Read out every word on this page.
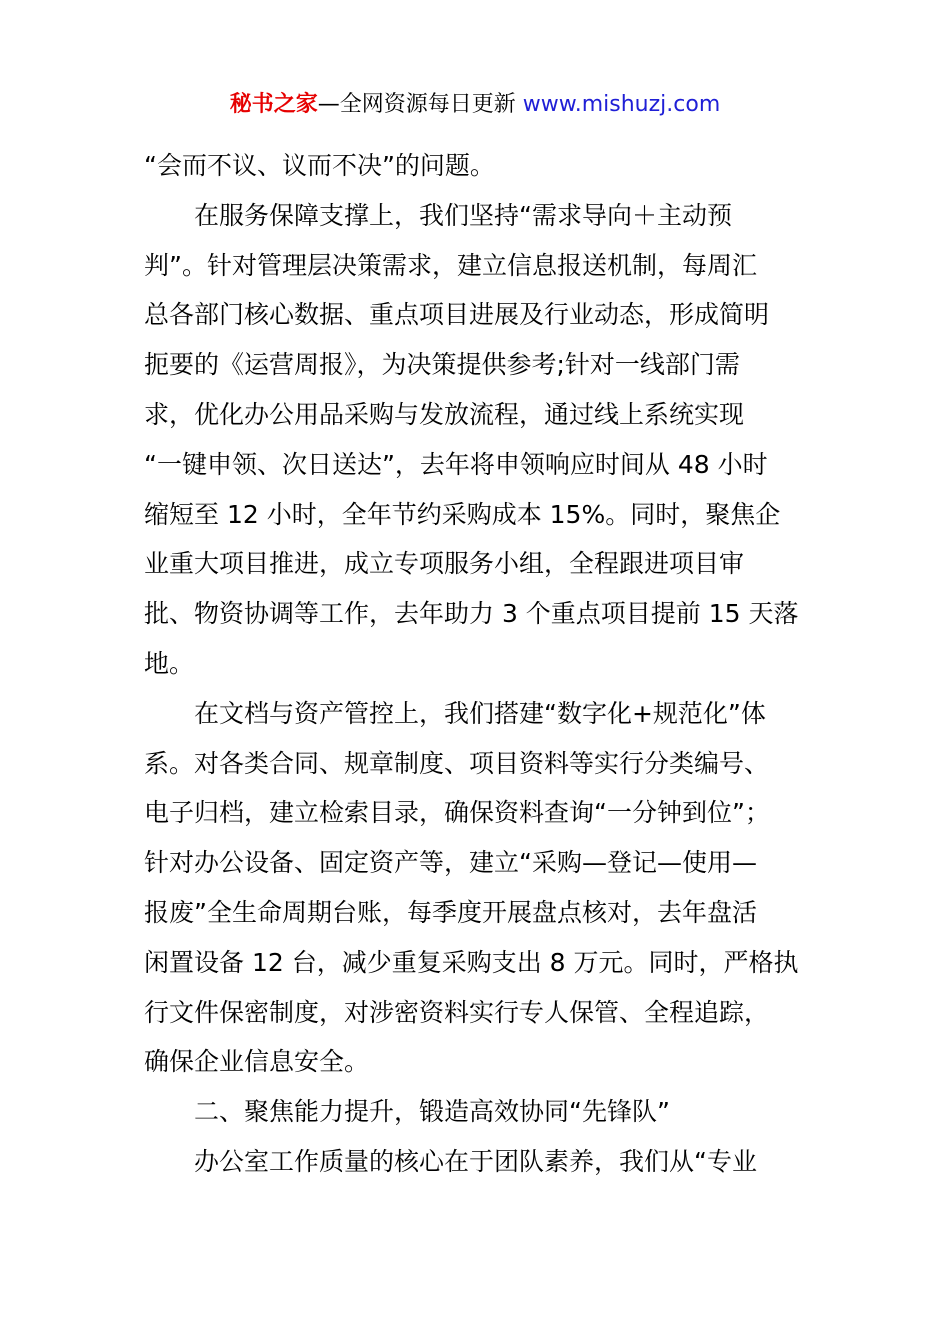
秘书之家—全网资源每日更新 www.mishuzj.com
“会而不议、议而不决”的问题。
在服务保障支撑上，我们坚持“需求导向＋主动预
判”。针对管理层决策需求，建立信息报送机制，每周汇
总各部门核心数据、重点项目进展及行业动态，形成简明
扼要的《运营周报》，为决策提供参考;针对一线部门需
求，优化办公用品采购与发放流程，通过线上系统实现
“一键申领、次日送达”，去年将申领响应时间从 48 小时
缩短至 12 小时，全年节约采购成本 15%。同时，聚焦企
业重大项目推进，成立专项服务小组，全程跟进项目审
批、物资协调等工作，去年助力 3 个重点项目提前 15 天落
地。
在文档与资产管控上，我们搭建“数字化+规范化”体
系。对各类合同、规章制度、项目资料等实行分类编号、
电子归档，建立检索目录，确保资料查询“一分钟到位”；
针对办公设备、固定资产等，建立“采购—登记—使用—
报废”全生命周期台账，每季度开展盘点核对，去年盘活
闲置设备 12 台，减少重复采购支出 8 万元。同时，严格执
行文件保密制度，对涉密资料实行专人保管、全程追踪，
确保企业信息安全。
二、聚焦能力提升，锻造高效协同“先锋队”
办公室工作质量的核心在于团队素养，我们从“专业
